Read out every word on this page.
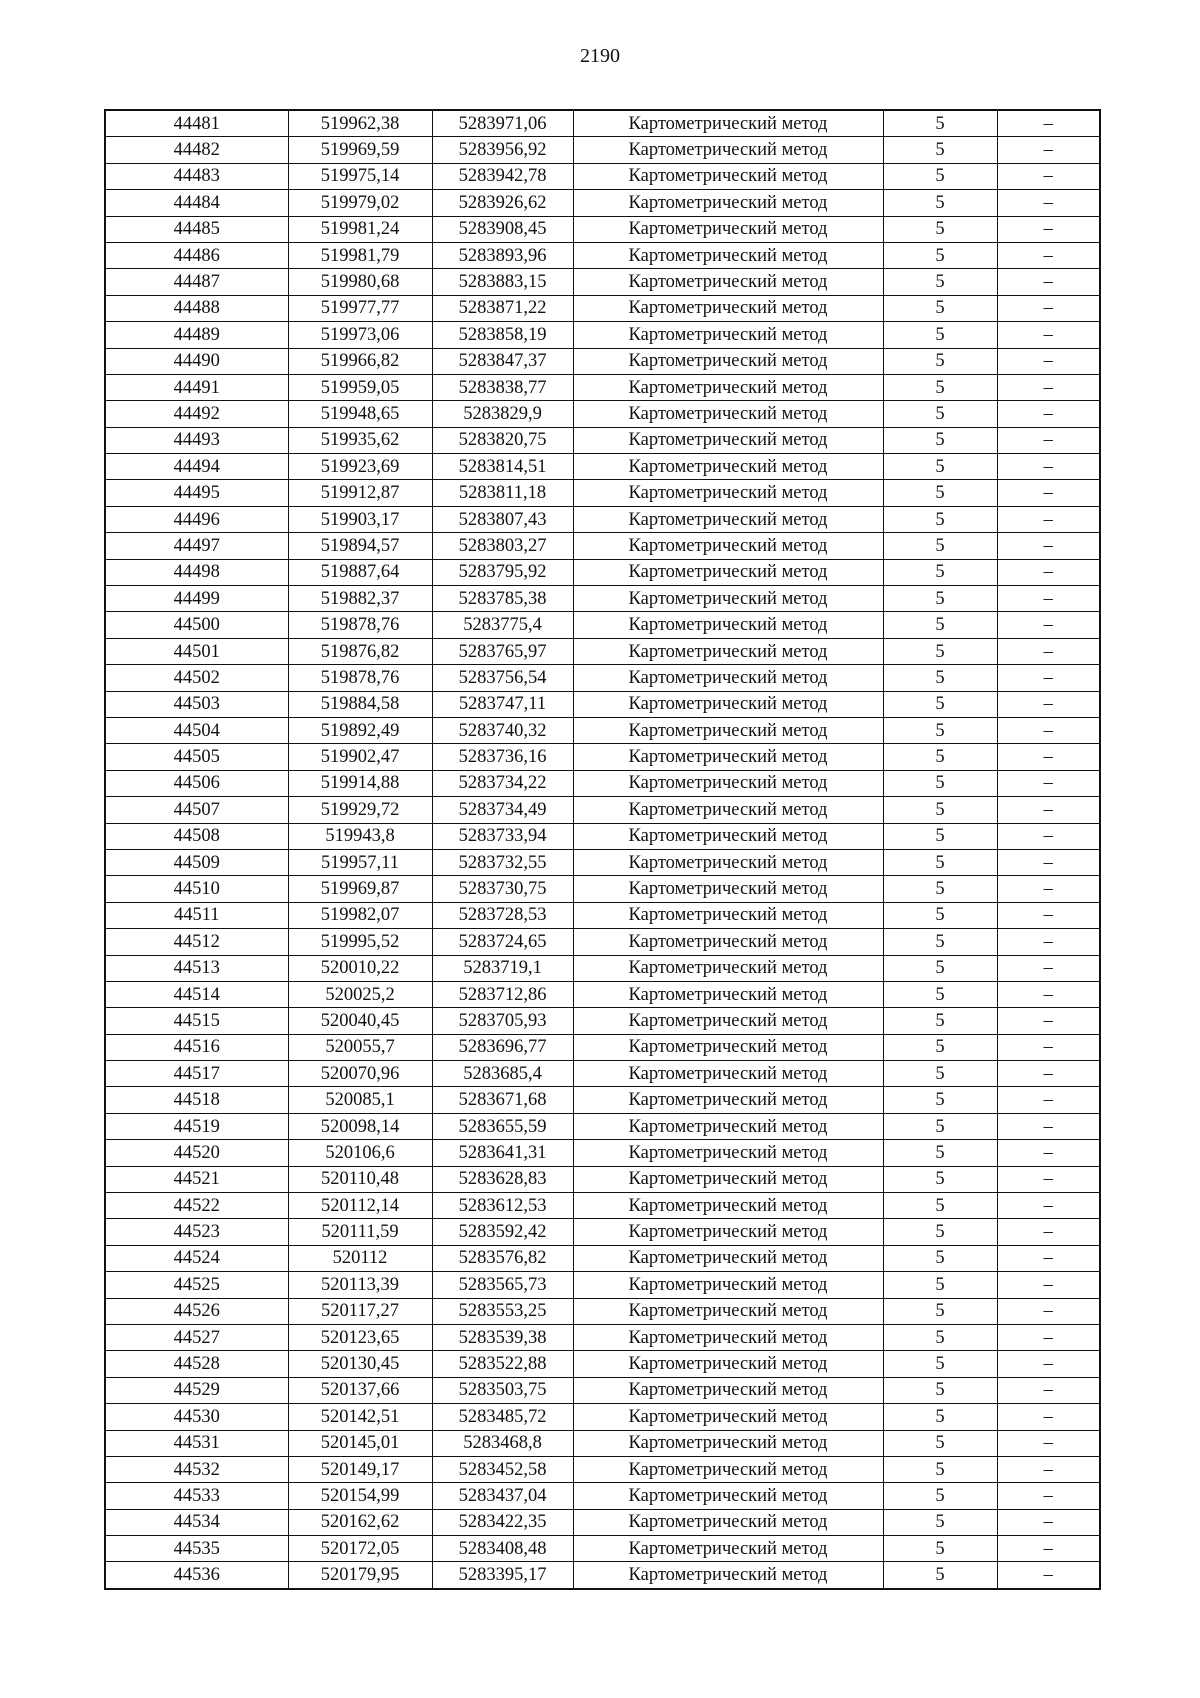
2190
44481	519962,38	5283971,06	Картометрический метод	5	–
44482	519969,59	5283956,92	Картометрический метод	5	–
44483	519975,14	5283942,78	Картометрический метод	5	–
44484	519979,02	5283926,62	Картометрический метод	5	–
44485	519981,24	5283908,45	Картометрический метод	5	–
44486	519981,79	5283893,96	Картометрический метод	5	–
44487	519980,68	5283883,15	Картометрический метод	5	–
44488	519977,77	5283871,22	Картометрический метод	5	–
44489	519973,06	5283858,19	Картометрический метод	5	–
44490	519966,82	5283847,37	Картометрический метод	5	–
44491	519959,05	5283838,77	Картометрический метод	5	–
44492	519948,65	5283829,9	Картометрический метод	5	–
44493	519935,62	5283820,75	Картометрический метод	5	–
44494	519923,69	5283814,51	Картометрический метод	5	–
44495	519912,87	5283811,18	Картометрический метод	5	–
44496	519903,17	5283807,43	Картометрический метод	5	–
44497	519894,57	5283803,27	Картометрический метод	5	–
44498	519887,64	5283795,92	Картометрический метод	5	–
44499	519882,37	5283785,38	Картометрический метод	5	–
44500	519878,76	5283775,4	Картометрический метод	5	–
44501	519876,82	5283765,97	Картометрический метод	5	–
44502	519878,76	5283756,54	Картометрический метод	5	–
44503	519884,58	5283747,11	Картометрический метод	5	–
44504	519892,49	5283740,32	Картометрический метод	5	–
44505	519902,47	5283736,16	Картометрический метод	5	–
44506	519914,88	5283734,22	Картометрический метод	5	–
44507	519929,72	5283734,49	Картометрический метод	5	–
44508	519943,8	5283733,94	Картометрический метод	5	–
44509	519957,11	5283732,55	Картометрический метод	5	–
44510	519969,87	5283730,75	Картометрический метод	5	–
44511	519982,07	5283728,53	Картометрический метод	5	–
44512	519995,52	5283724,65	Картометрический метод	5	–
44513	520010,22	5283719,1	Картометрический метод	5	–
44514	520025,2	5283712,86	Картометрический метод	5	–
44515	520040,45	5283705,93	Картометрический метод	5	–
44516	520055,7	5283696,77	Картометрический метод	5	–
44517	520070,96	5283685,4	Картометрический метод	5	–
44518	520085,1	5283671,68	Картометрический метод	5	–
44519	520098,14	5283655,59	Картометрический метод	5	–
44520	520106,6	5283641,31	Картометрический метод	5	–
44521	520110,48	5283628,83	Картометрический метод	5	–
44522	520112,14	5283612,53	Картометрический метод	5	–
44523	520111,59	5283592,42	Картометрический метод	5	–
44524	520112	5283576,82	Картометрический метод	5	–
44525	520113,39	5283565,73	Картометрический метод	5	–
44526	520117,27	5283553,25	Картометрический метод	5	–
44527	520123,65	5283539,38	Картометрический метод	5	–
44528	520130,45	5283522,88	Картометрический метод	5	–
44529	520137,66	5283503,75	Картометрический метод	5	–
44530	520142,51	5283485,72	Картометрический метод	5	–
44531	520145,01	5283468,8	Картометрический метод	5	–
44532	520149,17	5283452,58	Картометрический метод	5	–
44533	520154,99	5283437,04	Картометрический метод	5	–
44534	520162,62	5283422,35	Картометрический метод	5	–
44535	520172,05	5283408,48	Картометрический метод	5	–
44536	520179,95	5283395,17	Картометрический метод	5	–
